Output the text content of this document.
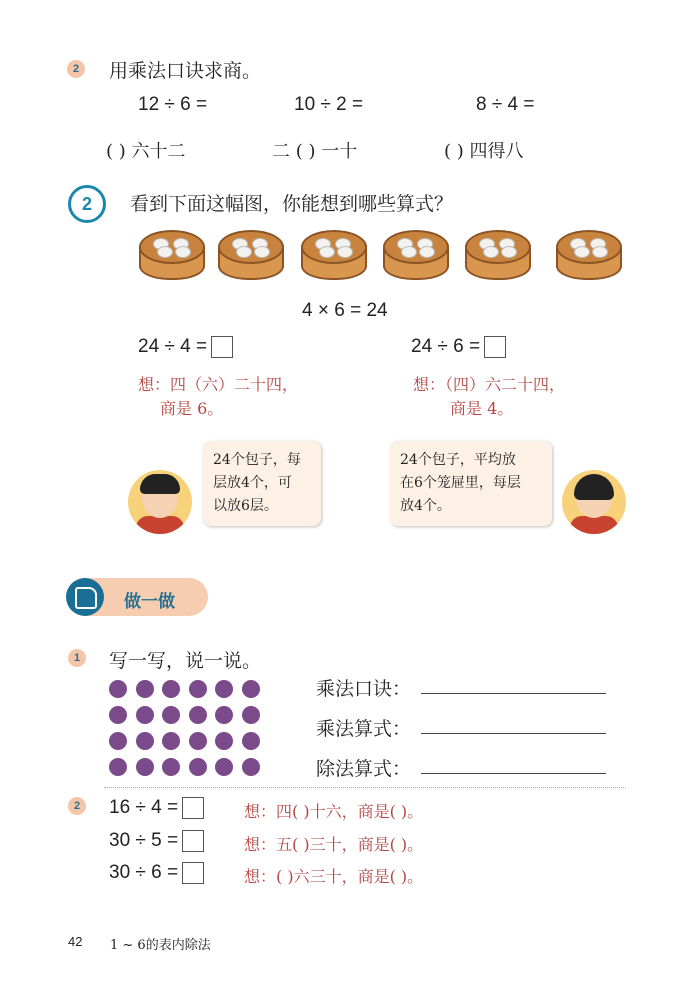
2	用乘法口诀求商。
12 ÷ 6 =	10 ÷ 2 =	8 ÷ 4 =
( ) 六十二	二 ( ) 一十	( ) 四得八
2	看到下面这幅图，你能想到哪些算式？
4 × 6 = 24
24 ÷ 4 =	24 ÷ 6 =
想：四（六）二十四，
商是 6。
想：（四）六二十四，
商是 4。
24个包子，每
层放4个，可
以放6层。
24个包子，平均放
在6个笼屉里，每层
放4个。
做一做
1	写一写，说一说。
乘法口诀：
乘法算式：
除法算式：
2	16 ÷ 4 =	想：四( )十六，商是( )。
30 ÷ 5 =	想：五( )三十，商是( )。
30 ÷ 6 =	想：( )六三十，商是( )。
42 1 ~ 6的表内除法
